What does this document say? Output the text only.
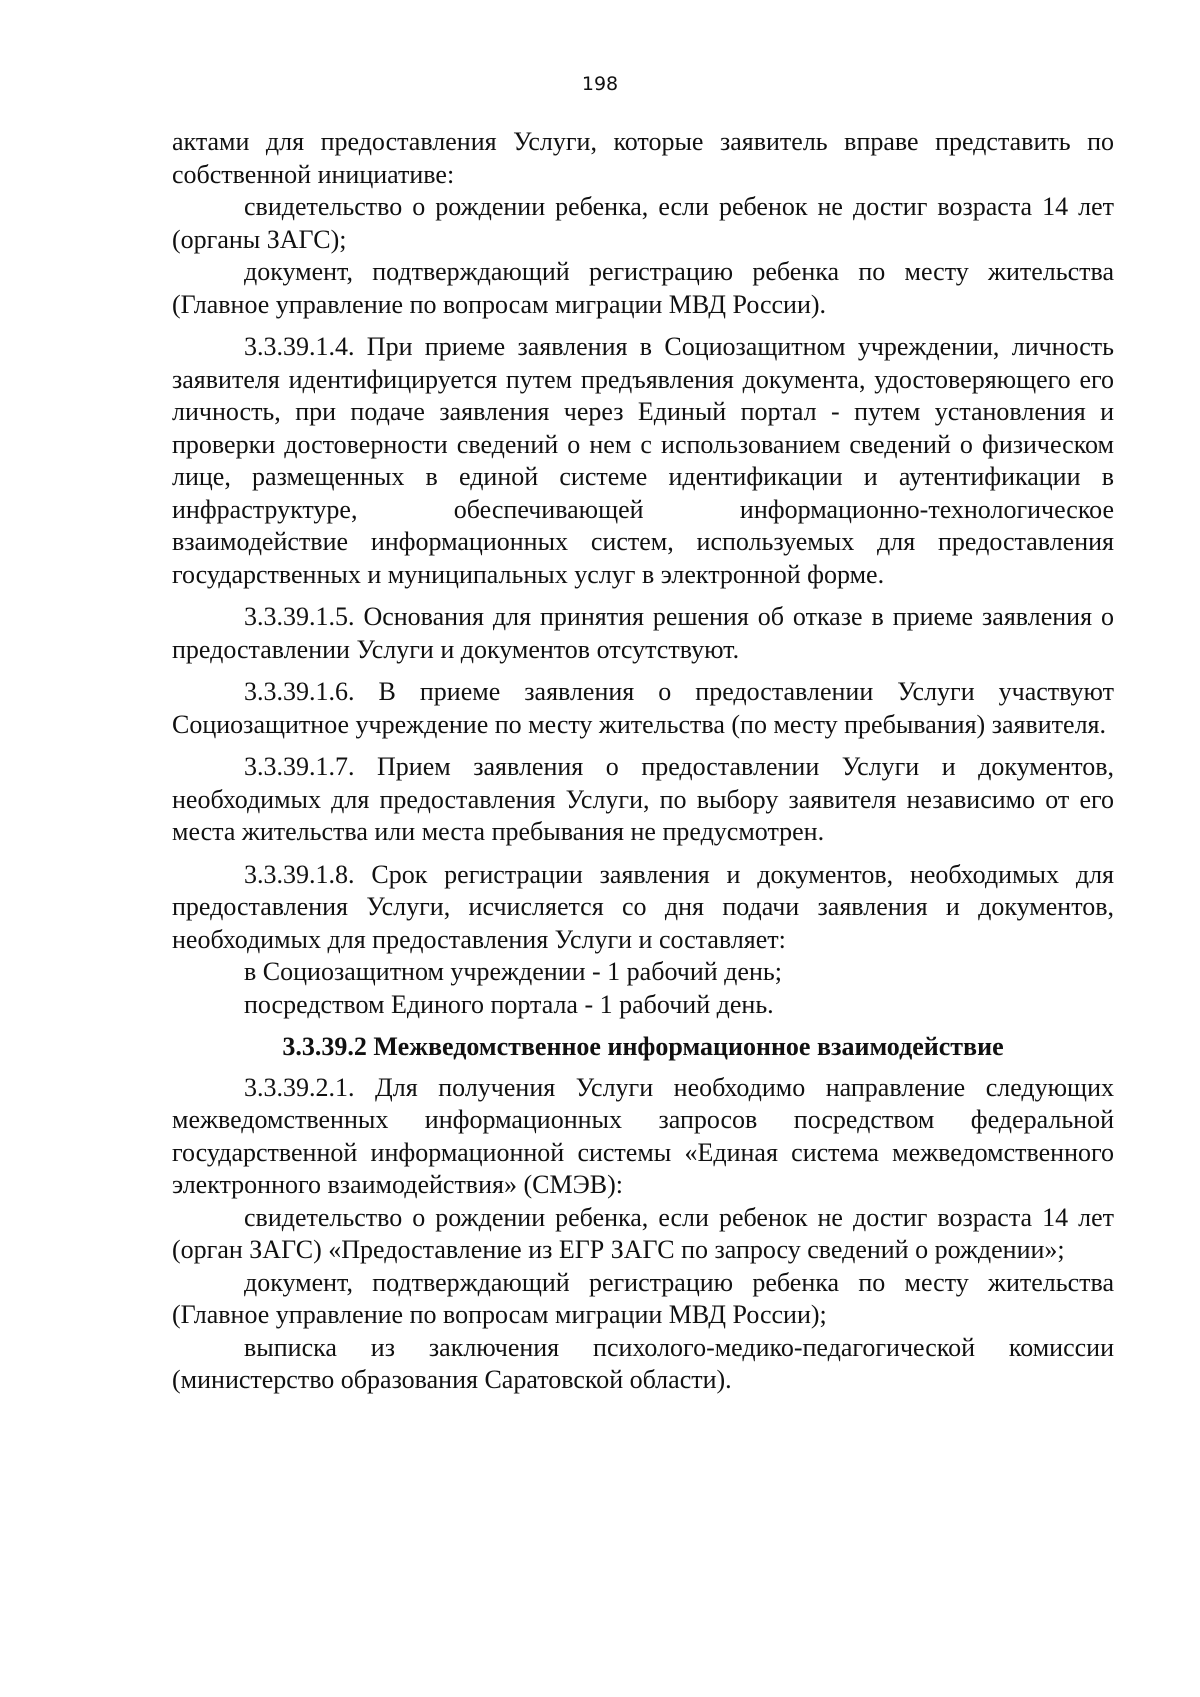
198

актами для предоставления Услуги, которые заявитель вправе представить по собственной инициативе:

свидетельство о рождении ребенка, если ребенок не достиг возраста 14 лет (органы ЗАГС);

документ, подтверждающий регистрацию ребенка по месту жительства (Главное управление по вопросам миграции МВД России).

3.3.39.1.4. При приеме заявления в Социозащитном учреждении, личность заявителя идентифицируется путем предъявления документа, удостоверяющего его личность, при подаче заявления через Единый портал - путем установления и проверки достоверности сведений о нем с использованием сведений о физическом лице, размещенных в единой системе идентификации и аутентификации в инфраструктуре, обеспечивающей информационно-технологическое взаимодействие информационных систем, используемых для предоставления государственных и муниципальных услуг в электронной форме.

3.3.39.1.5. Основания для принятия решения об отказе в приеме заявления о предоставлении Услуги и документов отсутствуют.

3.3.39.1.6. В приеме заявления о предоставлении Услуги участвуют Социозащитное учреждение по месту жительства (по месту пребывания) заявителя.

3.3.39.1.7. Прием заявления о предоставлении Услуги и документов, необходимых для предоставления Услуги, по выбору заявителя независимо от его места жительства или места пребывания не предусмотрен.

3.3.39.1.8. Срок регистрации заявления и документов, необходимых для предоставления Услуги, исчисляется со дня подачи заявления и документов, необходимых для предоставления Услуги и составляет:

в Социозащитном учреждении - 1 рабочий день;

посредством Единого портала - 1 рабочий день.

3.3.39.2 Межведомственное информационное взаимодействие

3.3.39.2.1. Для получения Услуги необходимо направление следующих межведомственных информационных запросов посредством федеральной государственной информационной системы «Единая система межведомственного электронного взаимодействия» (СМЭВ):

свидетельство о рождении ребенка, если ребенок не достиг возраста 14 лет (орган ЗАГС) «Предоставление из ЕГР ЗАГС по запросу сведений о рождении»;

документ, подтверждающий регистрацию ребенка по месту жительства (Главное управление по вопросам миграции МВД России);

выписка из заключения психолого-медико-педагогической комиссии (министерство образования Саратовской области).
